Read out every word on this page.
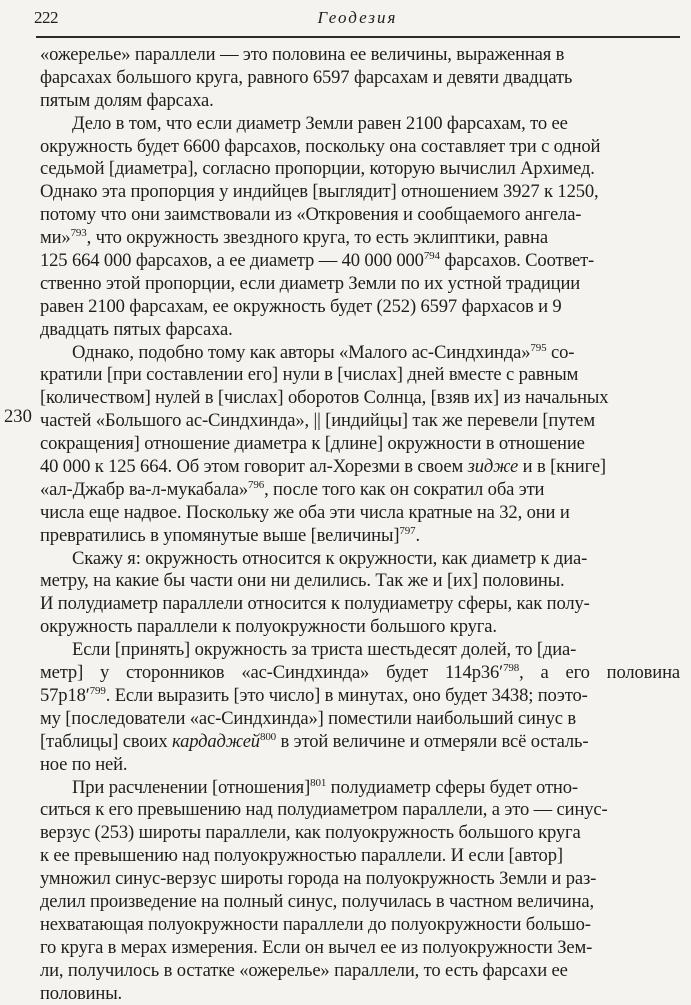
222	Геодезия
230
«ожерелье» параллели — это половина ее величины, выраженная в
фарсахах большого круга, равного 6597 фарсахам и девяти двадцать
пятым долям фарсаха.
Дело в том, что если диаметр Земли равен 2100 фарсахам, то ее
окружность будет 6600 фарсахов, поскольку она составляет три с одной
седьмой [диаметра], согласно пропорции, которую вычислил Архимед.
Однако эта пропорция у индийцев [выглядит] отношением 3927 к 1250,
потому что они заимствовали из «Откровения и сообщаемого ангела-
ми»$^{793}$, что окружность звездного круга, то есть эклиптики, равна
125 664 000 фарсахов, а ее диаметр — 40 000 $000^{794}$ фарсахов. Соответ-
ственно этой пропорции, если диаметр Земли по их устной традиции
равен 2100 фарсахам, ее окружность будет (252) 6597 фархасов и 9
двадцать пятых фарсаха.
Однако, подобно тому как авторы «Малого ас-Синдхинда»$^{795}$ со-
кратили [при составлении его] нули в [числах] дней вместе с равным
[количеством] нулей в [числах] оборотов Солнца, [взяв их] из начальных
частей «Большого ас-Синдхинда», || [индийцы] так же перевели [путем
сокращения] отношение диаметра к [длине] окружности в отношение
40 000 к 125 664. Об этом говорит ал-Хорезми в своем зидже и в [книге]
«ал-Джабр ва-л-мукабала»$^{796}$, после того как он сократил оба эти
числа еще надвое. Поскольку же оба эти числа кратные на 32, они и
превратились в упомянутые выше [величины]$^{797}$.
Скажу я: окружность относится к окружности, как диаметр к диа-
метру, на какие бы части они ни делились. Так же и [их] половины.
И полудиаметр параллели относится к полудиаметру сферы, как полу-
окружность параллели к полуокружности большого круга.
Если [принять] окружность за триста шестьдесят долей, то [диа-
метр] у сторонников «ас-Синдхинда» будет $114р36'^{798}$, а его половина
$57р18'^{799}$. Если выразить [это число] в минутах, оно будет 3438; поэто-
му [последователи «ас-Синдхинда»] поместили наибольший синус в
[таблицы] своих кардаджей$^{800}$ в этой величине и отмеряли всё осталь-
ное по ней.
При расчленении [отношения]$^{801}$ полудиаметр сферы будет отно-
ситься к его превышению над полудиаметром параллели, а это — синус-
верзус (253) широты параллели, как полуокружность большого круга
к ее превышению над полуокружностью параллели. И если [автор]
умножил синус-верзус широты города на полуокружность Земли и раз-
делил произведение на полный синус, получилась в частном величина,
нехватающая полуокружности параллели до полуокружности большо-
го круга в мерах измерения. Если он вычел ее из полуокружности Зем-
ли, получилось в остатке «ожерелье» параллели, то есть фарсахи ее
половины.
